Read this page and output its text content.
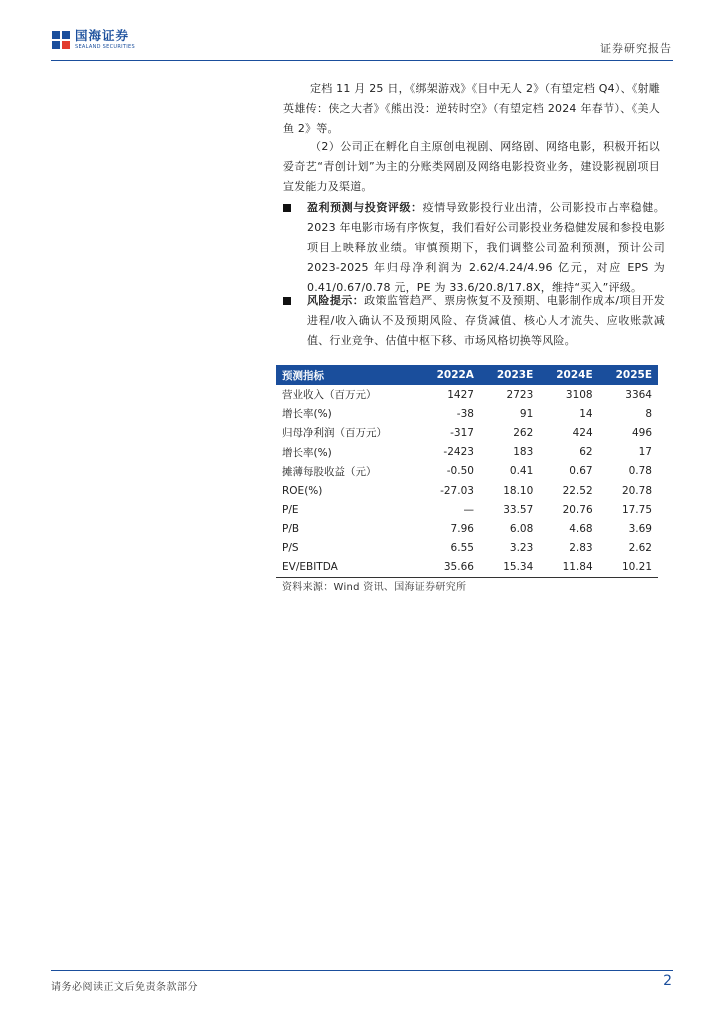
国海证券
SEALAND SECURITIES	证券研究报告

定档 11 月 25 日，《绑架游戏》《目中无人 2》（有望定档 Q4）、《射雕英雄传：侠之大者》《熊出没：逆转时空》（有望定档 2024 年春节）、《美人鱼 2》等。

（2）公司正在孵化自主原创电视剧、网络剧、网络电影，积极开拓以爱奇艺“青创计划”为主的分账类网剧及网络电影投资业务，建设影视剧项目宣发能力及渠道。

盈利预测与投资评级：疫情导致影投行业出清，公司影投市占率稳健。2023 年电影市场有序恢复，我们看好公司影投业务稳健发展和参投电影项目上映释放业绩。审慎预期下，我们调整公司盈利预测，预计公司 2023-2025 年归母净利润为 2.62/4.24/4.96 亿元，对应 EPS 为 0.41/0.67/0.78 元，PE 为 33.6/20.8/17.8X，维持“买入”评级。
风险提示：政策监管趋严、票房恢复不及预期、电影制作成本/项目开发进程/收入确认不及预期风险、存货减值、核心人才流失、应收账款减值、行业竞争、估值中枢下移、市场风格切换等风险。
预测指标	2022A	2023E	2024E	2025E
营业收入（百万元）	1427	2723	3108	3364
增长率(%)	-38	91	14	8
归母净利润（百万元）	-317	262	424	496
增长率(%)	-2423	183	62	17
摊薄每股收益（元）	-0.50	0.41	0.67	0.78
ROE(%)	-27.03	18.10	22.52	20.78
P/E	—	33.57	20.76	17.75
P/B	7.96	6.08	4.68	3.69
P/S	6.55	3.23	2.83	2.62
EV/EBITDA	35.66	15.34	11.84	10.21
资料来源：Wind 资讯、国海证券研究所
请务必阅读正文后免责条款部分	2
